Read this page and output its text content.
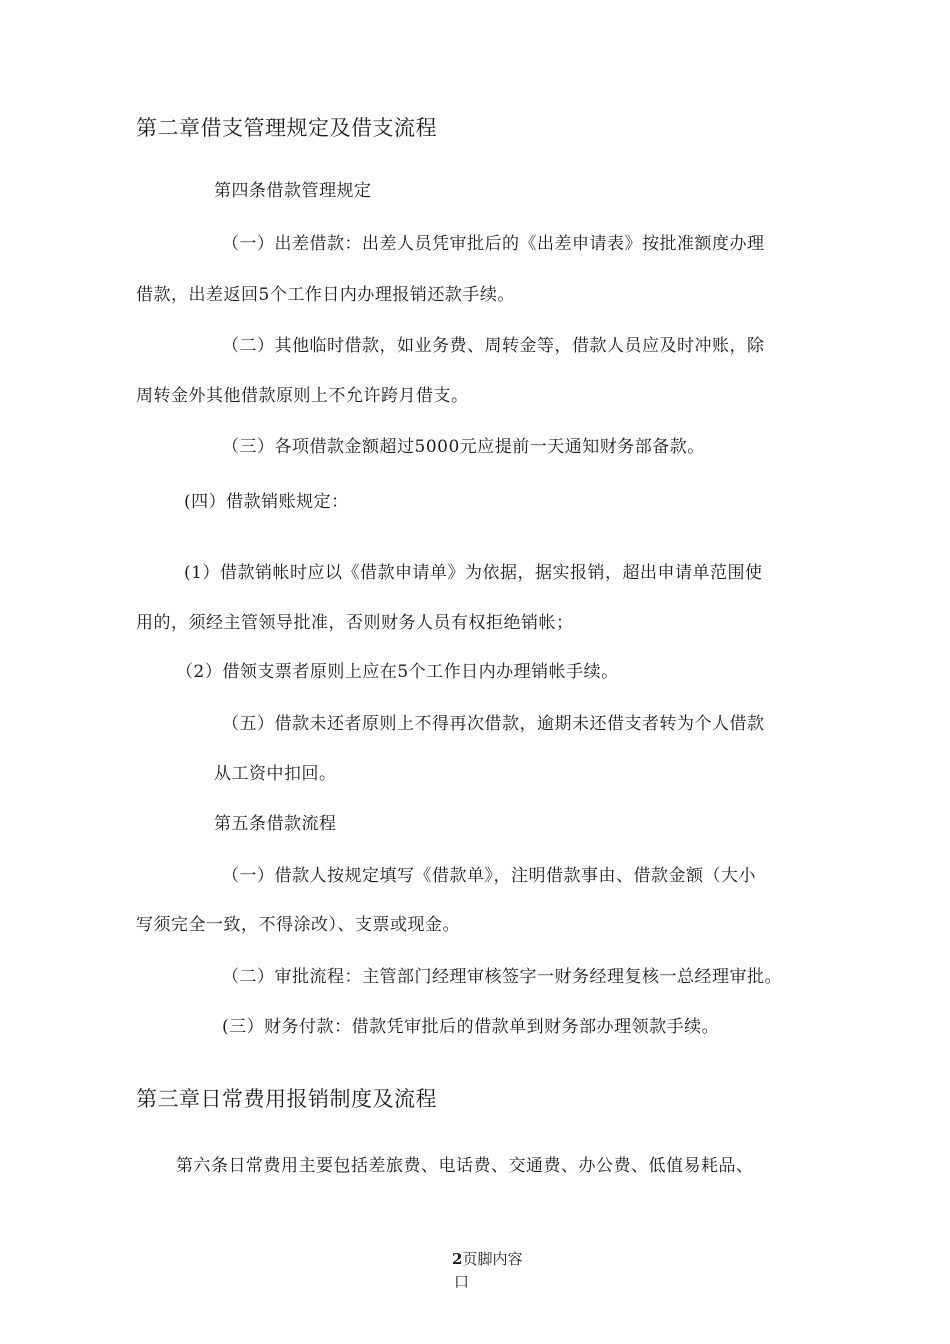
第二章借支管理规定及借支流程
第四条借款管理规定
（一）出差借款：出差人员凭审批后的《出差申请表》按批准额度办理
借款，出差返回5个工作日内办理报销还款手续。
（二）其他临时借款，如业务费、周转金等，借款人员应及时冲账，除
周转金外其他借款原则上不允许跨月借支。
（三）各项借款金额超过5000元应提前一天通知财务部备款。
(四）借款销账规定：
(1）借款销帐时应以《借款申请单》为依据，据实报销，超出申请单范围使
用的，须经主管领导批准，否则财务人员有权拒绝销帐；
（2）借领支票者原则上应在5个工作日内办理销帐手续。
（五）借款未还者原则上不得再次借款，逾期未还借支者转为个人借款
从工资中扣回。
第五条借款流程
（一）借款人按规定填写《借款单》，注明借款事由、借款金额（大小
写须完全一致，不得涂改）、支票或现金。
（二）审批流程：主管部门经理审核签字一财务经理复核一总经理审批。
(三）财务付款：借款凭审批后的借款单到财务部办理领款手续。
第三章日常费用报销制度及流程
第六条日常费用主要包括差旅费、电话费、交通费、办公费、低值易耗品、
2页脚内容
口
